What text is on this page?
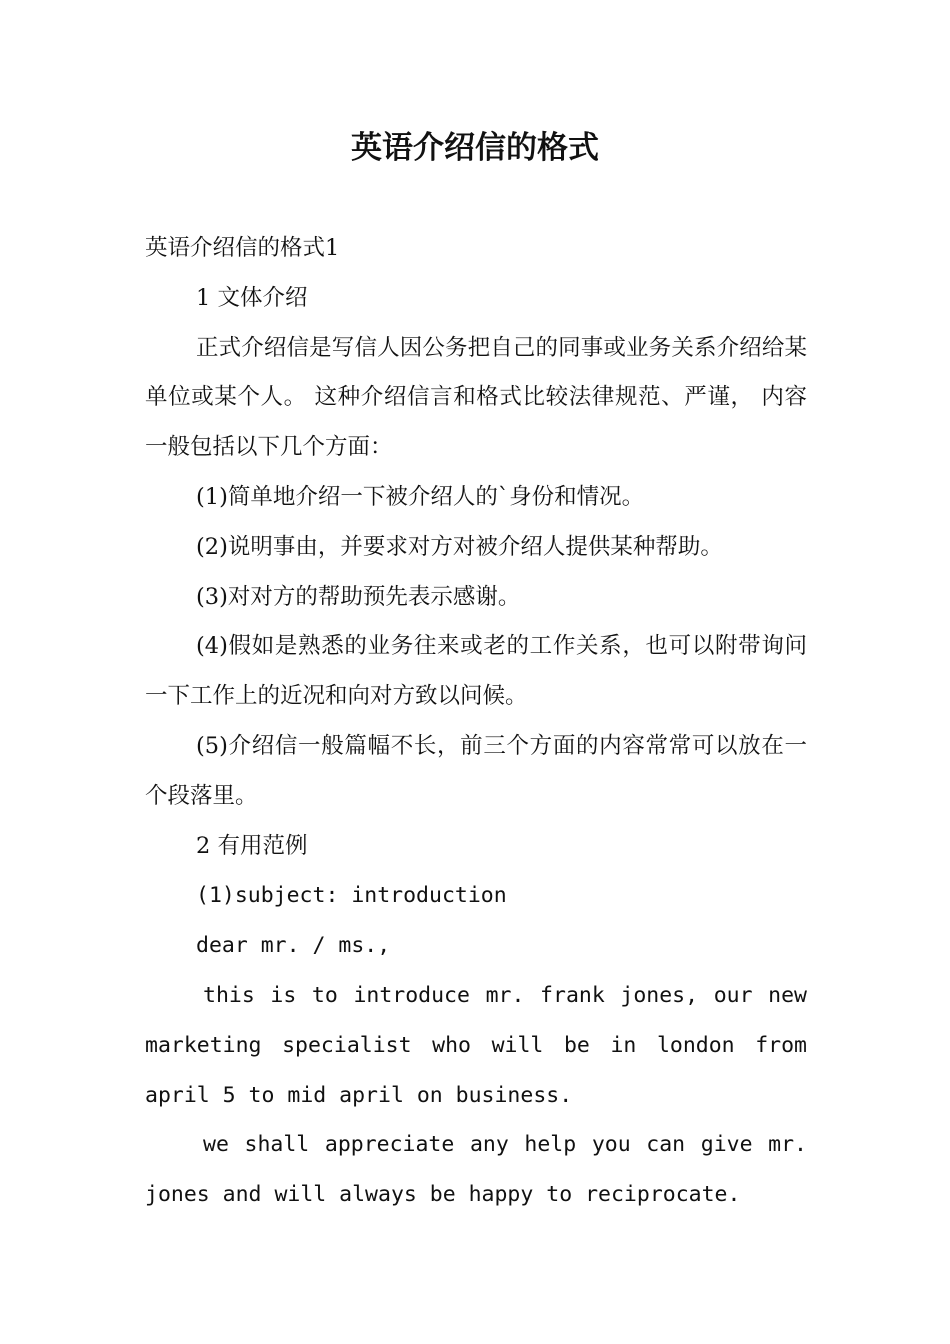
英语介绍信的格式

英语介绍信的格式1

1 文体介绍

正式介绍信是写信人因公务把自己的同事或业务关系介绍给某单位或某个人。 这种介绍信言和格式比较法律规范、严谨， 内容一般包括以下几个方面：

(1)简单地介绍一下被介绍人的`身份和情况。

(2)说明事由，并要求对方对被介绍人提供某种帮助。

(3)对对方的帮助预先表示感谢。

(4)假如是熟悉的业务往来或老的工作关系，也可以附带询问一下工作上的近况和向对方致以问候。

(5)介绍信一般篇幅不长，前三个方面的内容常常可以放在一个段落里。

2 有用范例

(1)subject: introduction

dear mr. / ms.,

this is to introduce mr. frank jones, our new marketing specialist who will be in london from april 5 to mid april on business.

we shall appreciate any help you can give mr. jones and will always be happy to reciprocate.
